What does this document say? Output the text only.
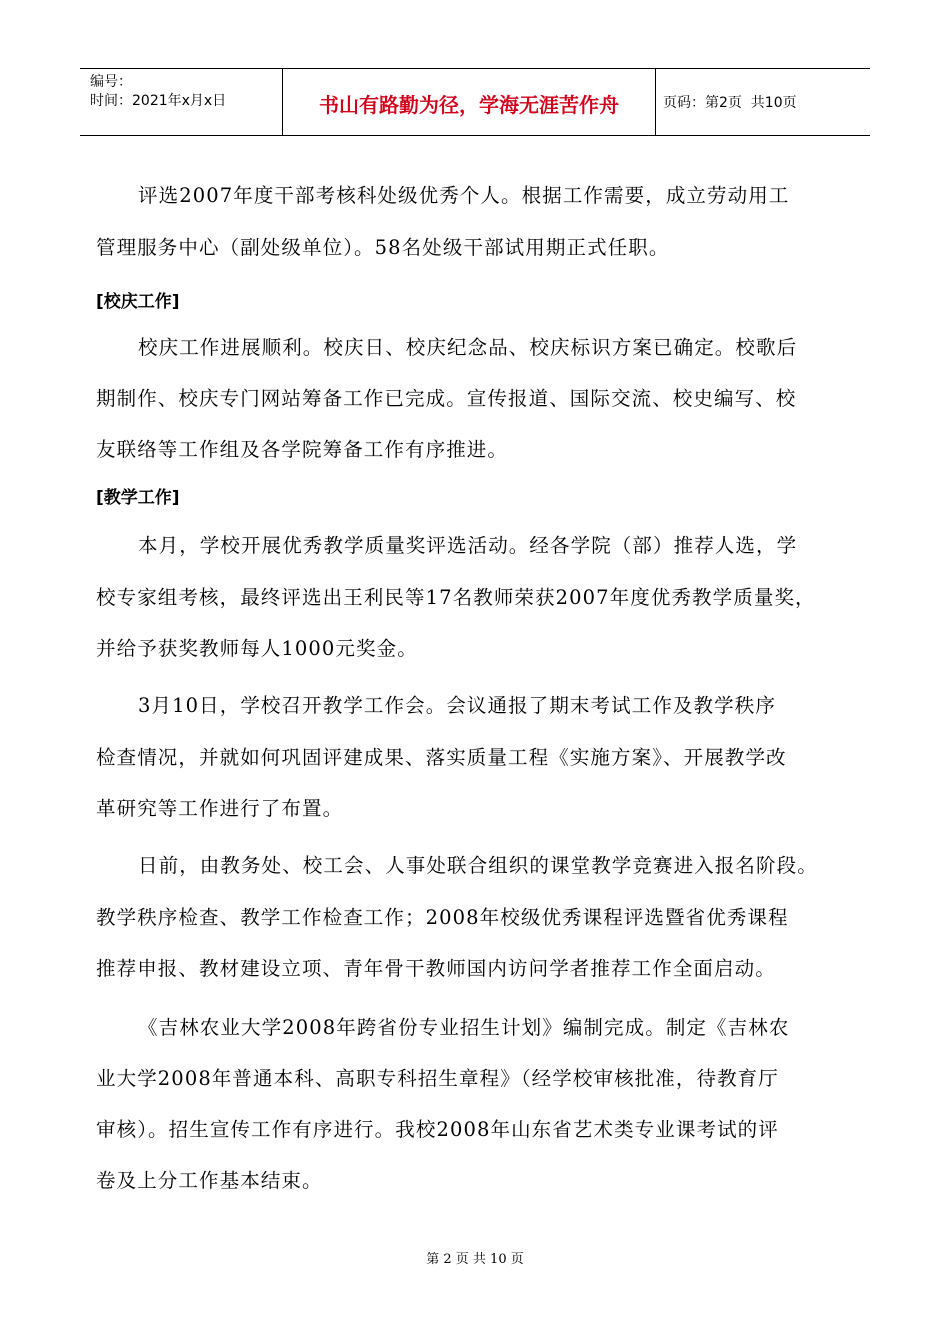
编号：
时间：2021年x月x日	书山有路勤为径，学海无涯苦作舟	页码：第2页  共10页
评选2007年度干部考核科处级优秀个人。根据工作需要，成立劳动用工
管理服务中心（副处级单位）。58名处级干部试用期正式任职。
[校庆工作]
校庆工作进展顺利。校庆日、校庆纪念品、校庆标识方案已确定。校歌后
期制作、校庆专门网站筹备工作已完成。宣传报道、国际交流、校史编写、校
友联络等工作组及各学院筹备工作有序推进。
[教学工作]
本月，学校开展优秀教学质量奖评选活动。经各学院（部）推荐人选，学
校专家组考核，最终评选出王利民等17名教师荣获2007年度优秀教学质量奖，
并给予获奖教师每人1000元奖金。
3月10日，学校召开教学工作会。会议通报了期末考试工作及教学秩序
检查情况，并就如何巩固评建成果、落实质量工程《实施方案》、开展教学改
革研究等工作进行了布置。
日前，由教务处、校工会、人事处联合组织的课堂教学竞赛进入报名阶段。
教学秩序检查、教学工作检查工作；2008年校级优秀课程评选暨省优秀课程
推荐申报、教材建设立项、青年骨干教师国内访问学者推荐工作全面启动。
《吉林农业大学2008年跨省份专业招生计划》编制完成。制定《吉林农
业大学2008年普通本科、高职专科招生章程》（经学校审核批准，待教育厅
审核）。招生宣传工作有序进行。我校2008年山东省艺术类专业课考试的评
卷及上分工作基本结束。
第 2 页 共 10 页
